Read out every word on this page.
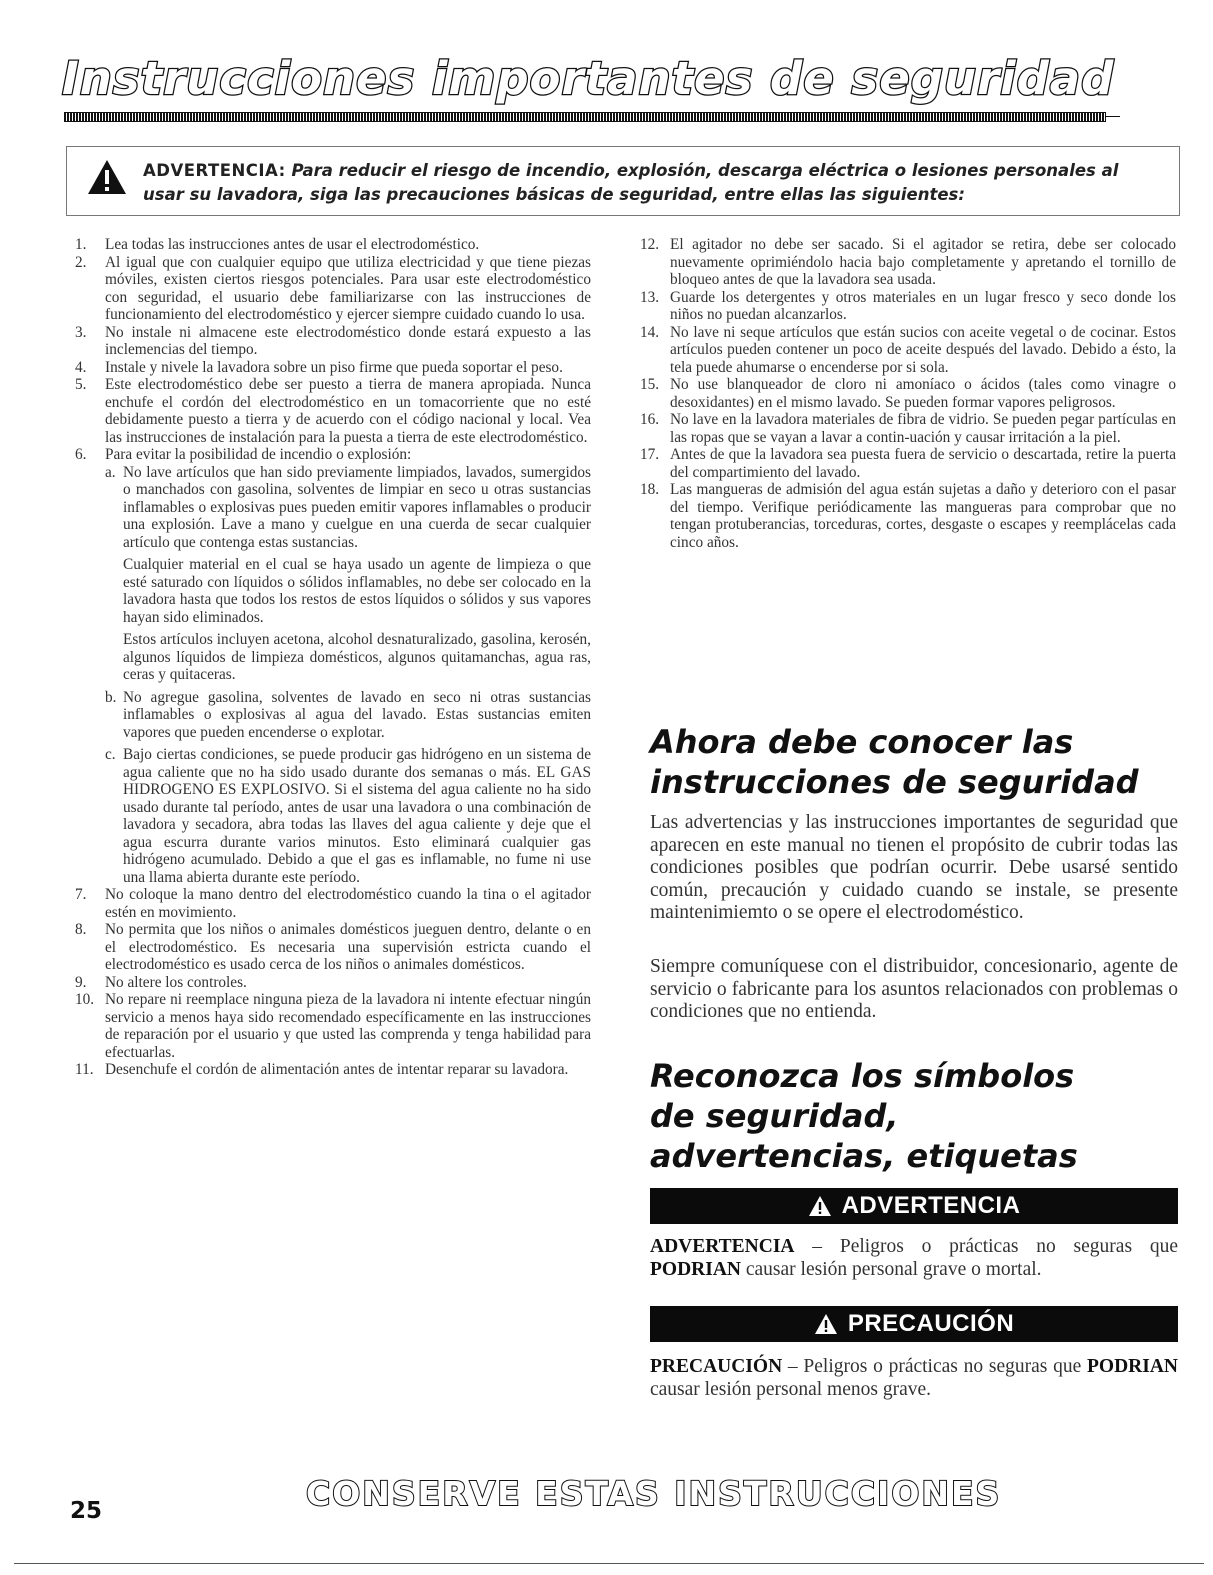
Instrucciones importantes de seguridad
ADVERTENCIA: Para reducir el riesgo de incendio, explosión, descarga eléctrica o lesiones personales al usar su lavadora, siga las precauciones básicas de seguridad, entre ellas las siguientes:
1.	Lea todas las instrucciones antes de usar el electrodoméstico.
2.	Al igual que con cualquier equipo que utiliza electricidad y que tiene piezas móviles, existen ciertos riesgos potenciales. Para usar este electrodoméstico con seguridad, el usuario debe familiarizarse con las instrucciones de funcionamiento del electrodoméstico y ejercer siempre cuidado cuando lo usa.
3.	No instale ni almacene este electrodoméstico donde estará expuesto a las inclemencias del tiempo.
4.	Instale y nivele la lavadora sobre un piso firme que pueda soportar el peso.
5.	Este electrodoméstico debe ser puesto a tierra de manera apropiada. Nunca enchufe el cordón del electrodoméstico en un tomacorriente que no esté debidamente puesto a tierra y de acuerdo con el código nacional y local. Vea las instrucciones de instalación para la puesta a tierra de este electrodoméstico.
6.	Para evitar la posibilidad de incendio o explosión:
a. No lave artículos que han sido previamente limpiados, lavados, sumergidos o manchados con gasolina, solventes de limpiar en seco u otras sustancias inflamables o explosivas pues pueden emitir vapores inflamables o producir una explosión. Lave a mano y cuelgue en una cuerda de secar cualquier artículo que contenga estas sustancias.
Cualquier material en el cual se haya usado un agente de limpieza o que esté saturado con líquidos o sólidos inflamables, no debe ser colocado en la lavadora hasta que todos los restos de estos líquidos o sólidos y sus vapores hayan sido eliminados.
Estos artículos incluyen acetona, alcohol desnaturalizado, gasolina, kerosén, algunos líquidos de limpieza domésticos, algunos quitamanchas, agua ras, ceras y quitaceras.
b. No agregue gasolina, solventes de lavado en seco ni otras sustancias inflamables o explosivas al agua del lavado. Estas sustancias emiten vapores que pueden encenderse o explotar.
c. Bajo ciertas condiciones, se puede producir gas hidrógeno en un sistema de agua caliente que no ha sido usado durante dos semanas o más. EL GAS HIDROGENO ES EXPLOSIVO. Si el sistema del agua caliente no ha sido usado durante tal período, antes de usar una lavadora o una combinación de lavadora y secadora, abra todas las llaves del agua caliente y deje que el agua escurra durante varios minutos. Esto eliminará cualquier gas hidrógeno acumulado. Debido a que el gas es inflamable, no fume ni use una llama abierta durante este período.
7.	No coloque la mano dentro del electrodoméstico cuando la tina o el agitador estén en movimiento.
8.	No permita que los niños o animales domésticos jueguen dentro, delante o en el electrodoméstico. Es necesaria una supervisión estricta cuando el electrodoméstico es usado cerca de los niños o animales domésticos.
9.	No altere los controles.
10. No repare ni reemplace ninguna pieza de la lavadora ni intente efectuar ningún servicio a menos haya sido recomendado específicamente en las instrucciones de reparación por el usuario y que usted las comprenda y tenga habilidad para efectuarlas.
11. Desenchufe el cordón de alimentación antes de intentar reparar su lavadora.
12. El agitador no debe ser sacado. Si el agitador se retira, debe ser colocado nuevamente oprimiéndolo hacia bajo completamente y apretando el tornillo de bloqueo antes de que la lavadora sea usada.
13. Guarde los detergentes y otros materiales en un lugar fresco y seco donde los niños no puedan alcanzarlos.
14. No lave ni seque artículos que están sucios con aceite vegetal o de cocinar. Estos artículos pueden contener un poco de aceite después del lavado. Debido a ésto, la tela puede ahumarse o encenderse por si sola.
15. No use blanqueador de cloro ni amoníaco o ácidos (tales como vinagre o desoxidantes) en el mismo lavado. Se pueden formar vapores peligrosos.
16. No lave en la lavadora materiales de fibra de vidrio. Se pueden pegar partículas en las ropas que se vayan a lavar a contin-uación y causar irritación a la piel.
17. Antes de que la lavadora sea puesta fuera de servicio o descartada, retire la puerta del compartimiento del lavado.
18. Las mangueras de admisión del agua están sujetas a daño y deterioro con el pasar del tiempo. Verifique periódicamente las mangueras para comprobar que no tengan protuberancias, torceduras, cortes, desgaste o escapes y reemplácelas cada cinco años.
Ahora debe conocer las
instrucciones de seguridad
Las advertencias y las instrucciones importantes de seguridad que aparecen en este manual no tienen el propósito de cubrir todas las condiciones posibles que podrían ocurrir. Debe usarsé sentido común, precaución y cuidado cuando se instale, se presente maintenimiemto o se opere el electrodoméstico.
Siempre comuníquese con el distribuidor, concesionario, agente de servicio o fabricante para los asuntos relacionados con problemas o condiciones que no entienda.
Reconozca los símbolos
de seguridad,
advertencias, etiquetas
ADVERTENCIA
ADVERTENCIA – Peligros o prácticas no seguras que PODRIAN causar lesión personal grave o mortal.
PRECAUCIÓN
PRECAUCIÓN – Peligros o prácticas no seguras que PODRIAN causar lesión personal menos grave.
25	CONSERVE ESTAS INSTRUCCIONES
